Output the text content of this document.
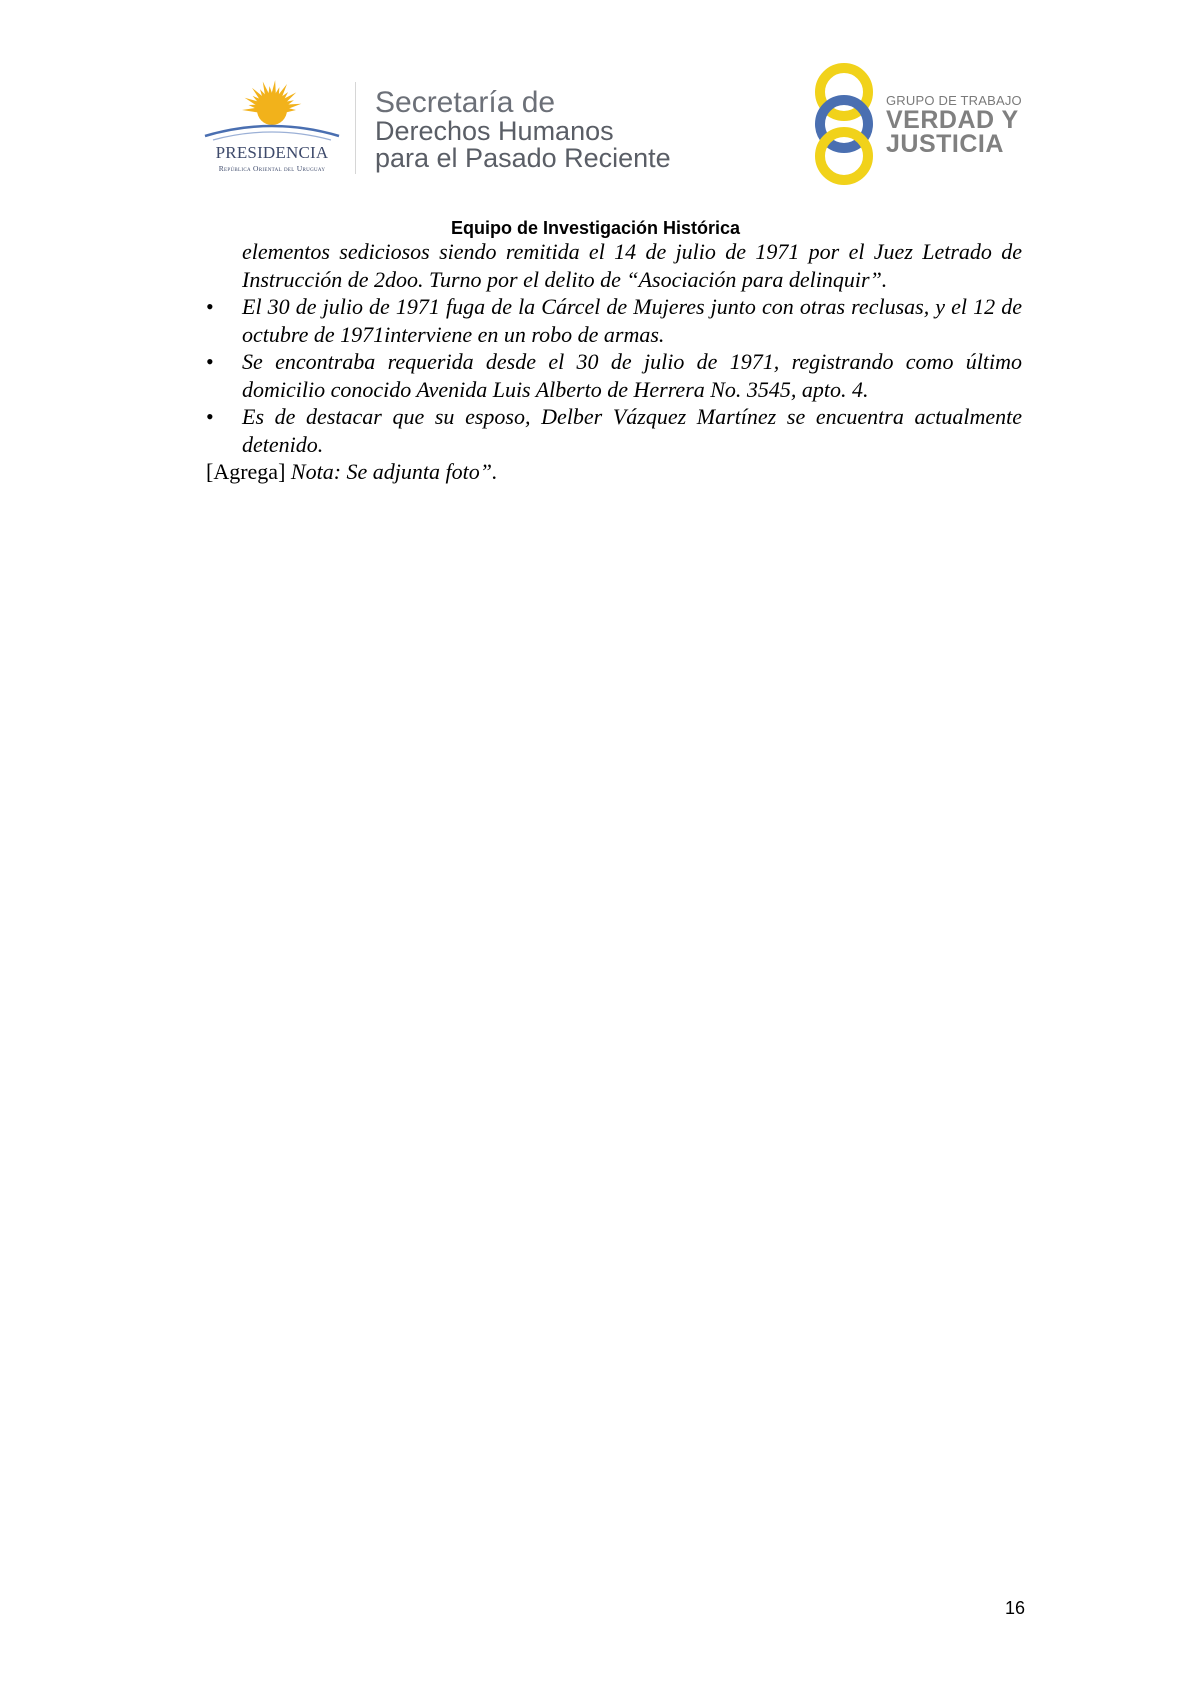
PRESIDENCIA
República Oriental del Uruguay
Secretaría de
Derechos Humanos
para el Pasado Reciente
GRUPO DE TRABAJO
VERDAD Y
JUSTICIA
Equipo de Investigación Histórica
elementos sediciosos siendo remitida el 14 de julio de 1971 por el Juez Letrado de Instrucción de 2doo. Turno por el delito de “Asociación para delinquir”.
• El 30 de julio de 1971 fuga de la Cárcel de Mujeres junto con otras reclusas, y el 12 de octubre de 1971interviene en un robo de armas.
• Se encontraba requerida desde el 30 de julio de 1971, registrando como último domicilio conocido Avenida Luis Alberto de Herrera No. 3545, apto. 4.
• Es de destacar que su esposo, Delber Vázquez Martínez se encuentra actualmente detenido.
[Agrega] Nota: Se adjunta foto”.
16
